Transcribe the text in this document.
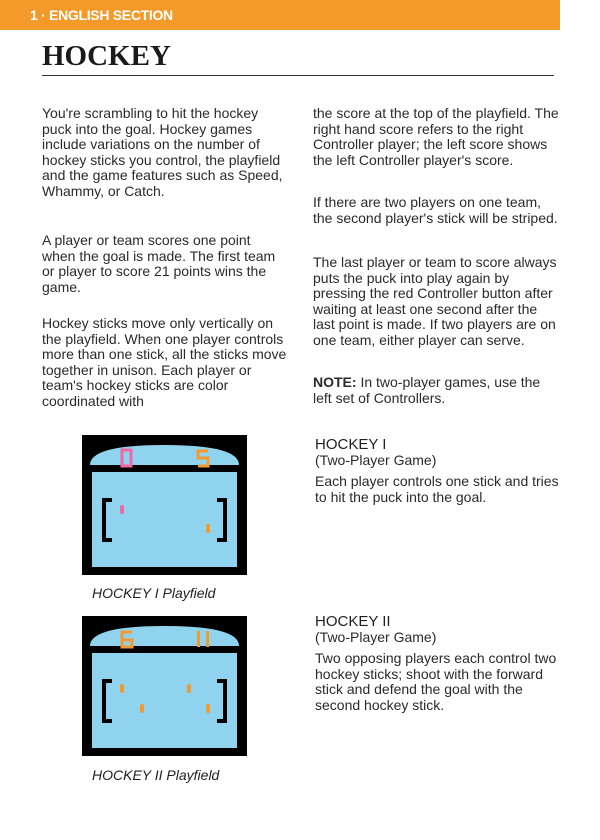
1 · ENGLISH SECTION
HOCKEY

You're scrambling to hit the hockey puck into the goal. Hockey games include variations on the number of hockey sticks you control, the playfield and the game features such as Speed, Whammy, or Catch.

A player or team scores one point when the goal is made. The first team or player to score 21 points wins the game.

Hockey sticks move only vertically on the playfield. When one player controls more than one stick, all the sticks move together in unison. Each player or team's hockey sticks are color coordinated with

the score at the top of the playfield. The right hand score refers to the right Controller player; the left score shows the left Controller player's score.

If there are two players on one team, the second player's stick will be striped.

The last player or team to score always puts the puck into play again by pressing the red Controller button after waiting at least one second after the last point is made. If two players are on one team, either player can serve.

NOTE: In two-player games, use the left set of Controllers.

HOCKEY I Playfield

HOCKEY I

(Two-Player Game)

Each player controls one stick and tries to hit the puck into the goal.

HOCKEY II Playfield

HOCKEY II

(Two-Player Game)

Two opposing players each control two hockey sticks; shoot with the forward stick and defend the goal with the second hockey stick.
